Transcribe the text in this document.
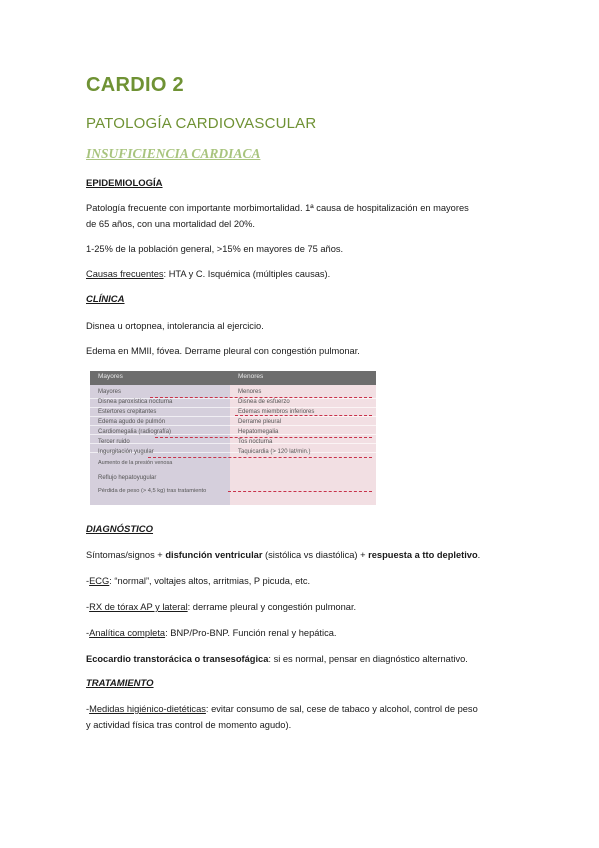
CARDIO 2
PATOLOGÍA CARDIOVASCULAR
INSUFICIENCIA CARDIACA
EPIDEMIOLOGÍA
Patología frecuente con importante morbimortalidad. 1ª causa de hospitalización en mayores
de 65 años, con una mortalidad del 20%.
1-25% de la población general, >15% en mayores de 75 años.
Causas frecuentes: HTA y C. Isquémica (múltiples causas).
CLÍNICA
Disnea u ortopnea, intolerancia al ejercicio.
Edema en MMII, fóvea. Derrame pleural con congestión pulmonar.
Mayores	Menores
Mayores
Disnea paroxística nocturna
Estertores crepitantes
Edema agudo de pulmón
Cardiomegalia (radiografía)
Tercer ruido
Ingurgitación yugular
Aumento de la presión venosa
Reflujo hepatoyugular
Pérdida de peso (> 4,5 kg) tras tratamiento
Menores
Disnea de esfuerzo
Edemas miembros inferiores
Derrame pleural
Hepatomegalia
Tos nocturna
Taquicardia (> 120 lat/min.)
DIAGNÓSTICO
Síntomas/signos + disfunción ventricular (sistólica vs diastólica) + respuesta a tto depletivo.
-ECG: “normal”, voltajes altos, arritmias, P picuda, etc.
-RX de tórax AP y lateral: derrame pleural y congestión pulmonar.
-Analítica completa: BNP/Pro-BNP. Función renal y hepática.
Ecocardio transtorácica o transesofágica: si es normal, pensar en diagnóstico alternativo.
TRATAMIENTO
-Medidas higiénico-dietéticas: evitar consumo de sal, cese de tabaco y alcohol, control de peso
y actividad física tras control de momento agudo).
